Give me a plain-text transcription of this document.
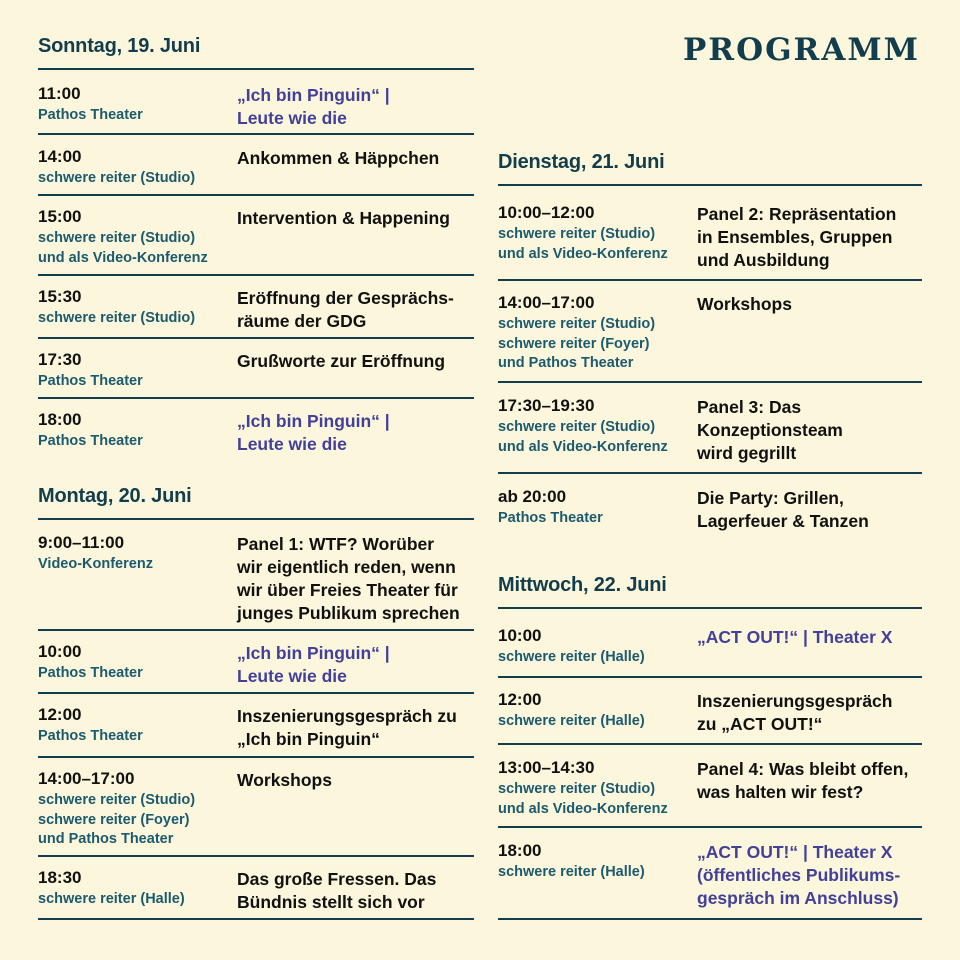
PROGRAMM
Sonntag, 19. Juni
11:00
Pathos Theater
„Ich bin Pinguin“ |
Leute wie die
14:00
schwere reiter (Studio)
Ankommen & Häppchen
15:00
schwere reiter (Studio)
und als Video-Konferenz
Intervention & Happening
15:30
schwere reiter (Studio)
Eröffnung der Gesprächs-
räume der GDG
17:30
Pathos Theater
Grußworte zur Eröffnung
18:00
Pathos Theater
„Ich bin Pinguin“ |
Leute wie die
Montag, 20. Juni
9:00–11:00
Video-Konferenz
Panel 1: WTF? Worüber
wir eigentlich reden, wenn
wir über Freies Theater für
junges Publikum sprechen
10:00
Pathos Theater
„Ich bin Pinguin“ |
Leute wie die
12:00
Pathos Theater
Inszenierungsgespräch zu
„Ich bin Pinguin“
14:00–17:00
schwere reiter (Studio)
schwere reiter (Foyer)
und Pathos Theater
Workshops
18:30
schwere reiter (Halle)
Das große Fressen. Das
Bündnis stellt sich vor
Dienstag, 21. Juni
10:00–12:00
schwere reiter (Studio)
und als Video-Konferenz
Panel 2: Repräsentation
in Ensembles, Gruppen
und Ausbildung
14:00–17:00
schwere reiter (Studio)
schwere reiter (Foyer)
und Pathos Theater
Workshops
17:30–19:30
schwere reiter (Studio)
und als Video-Konferenz
Panel 3: Das
Konzeptionsteam
wird gegrillt
ab 20:00
Pathos Theater
Die Party: Grillen,
Lagerfeuer & Tanzen
Mittwoch, 22. Juni
10:00
schwere reiter (Halle)
„ACT OUT!“ | Theater X
12:00
schwere reiter (Halle)
Inszenierungsgespräch
zu „ACT OUT!“
13:00–14:30
schwere reiter (Studio)
und als Video-Konferenz
Panel 4: Was bleibt offen,
was halten wir fest?
18:00
schwere reiter (Halle)
„ACT OUT!“ | Theater X
(öffentliches Publikums-
gespräch im Anschluss)
